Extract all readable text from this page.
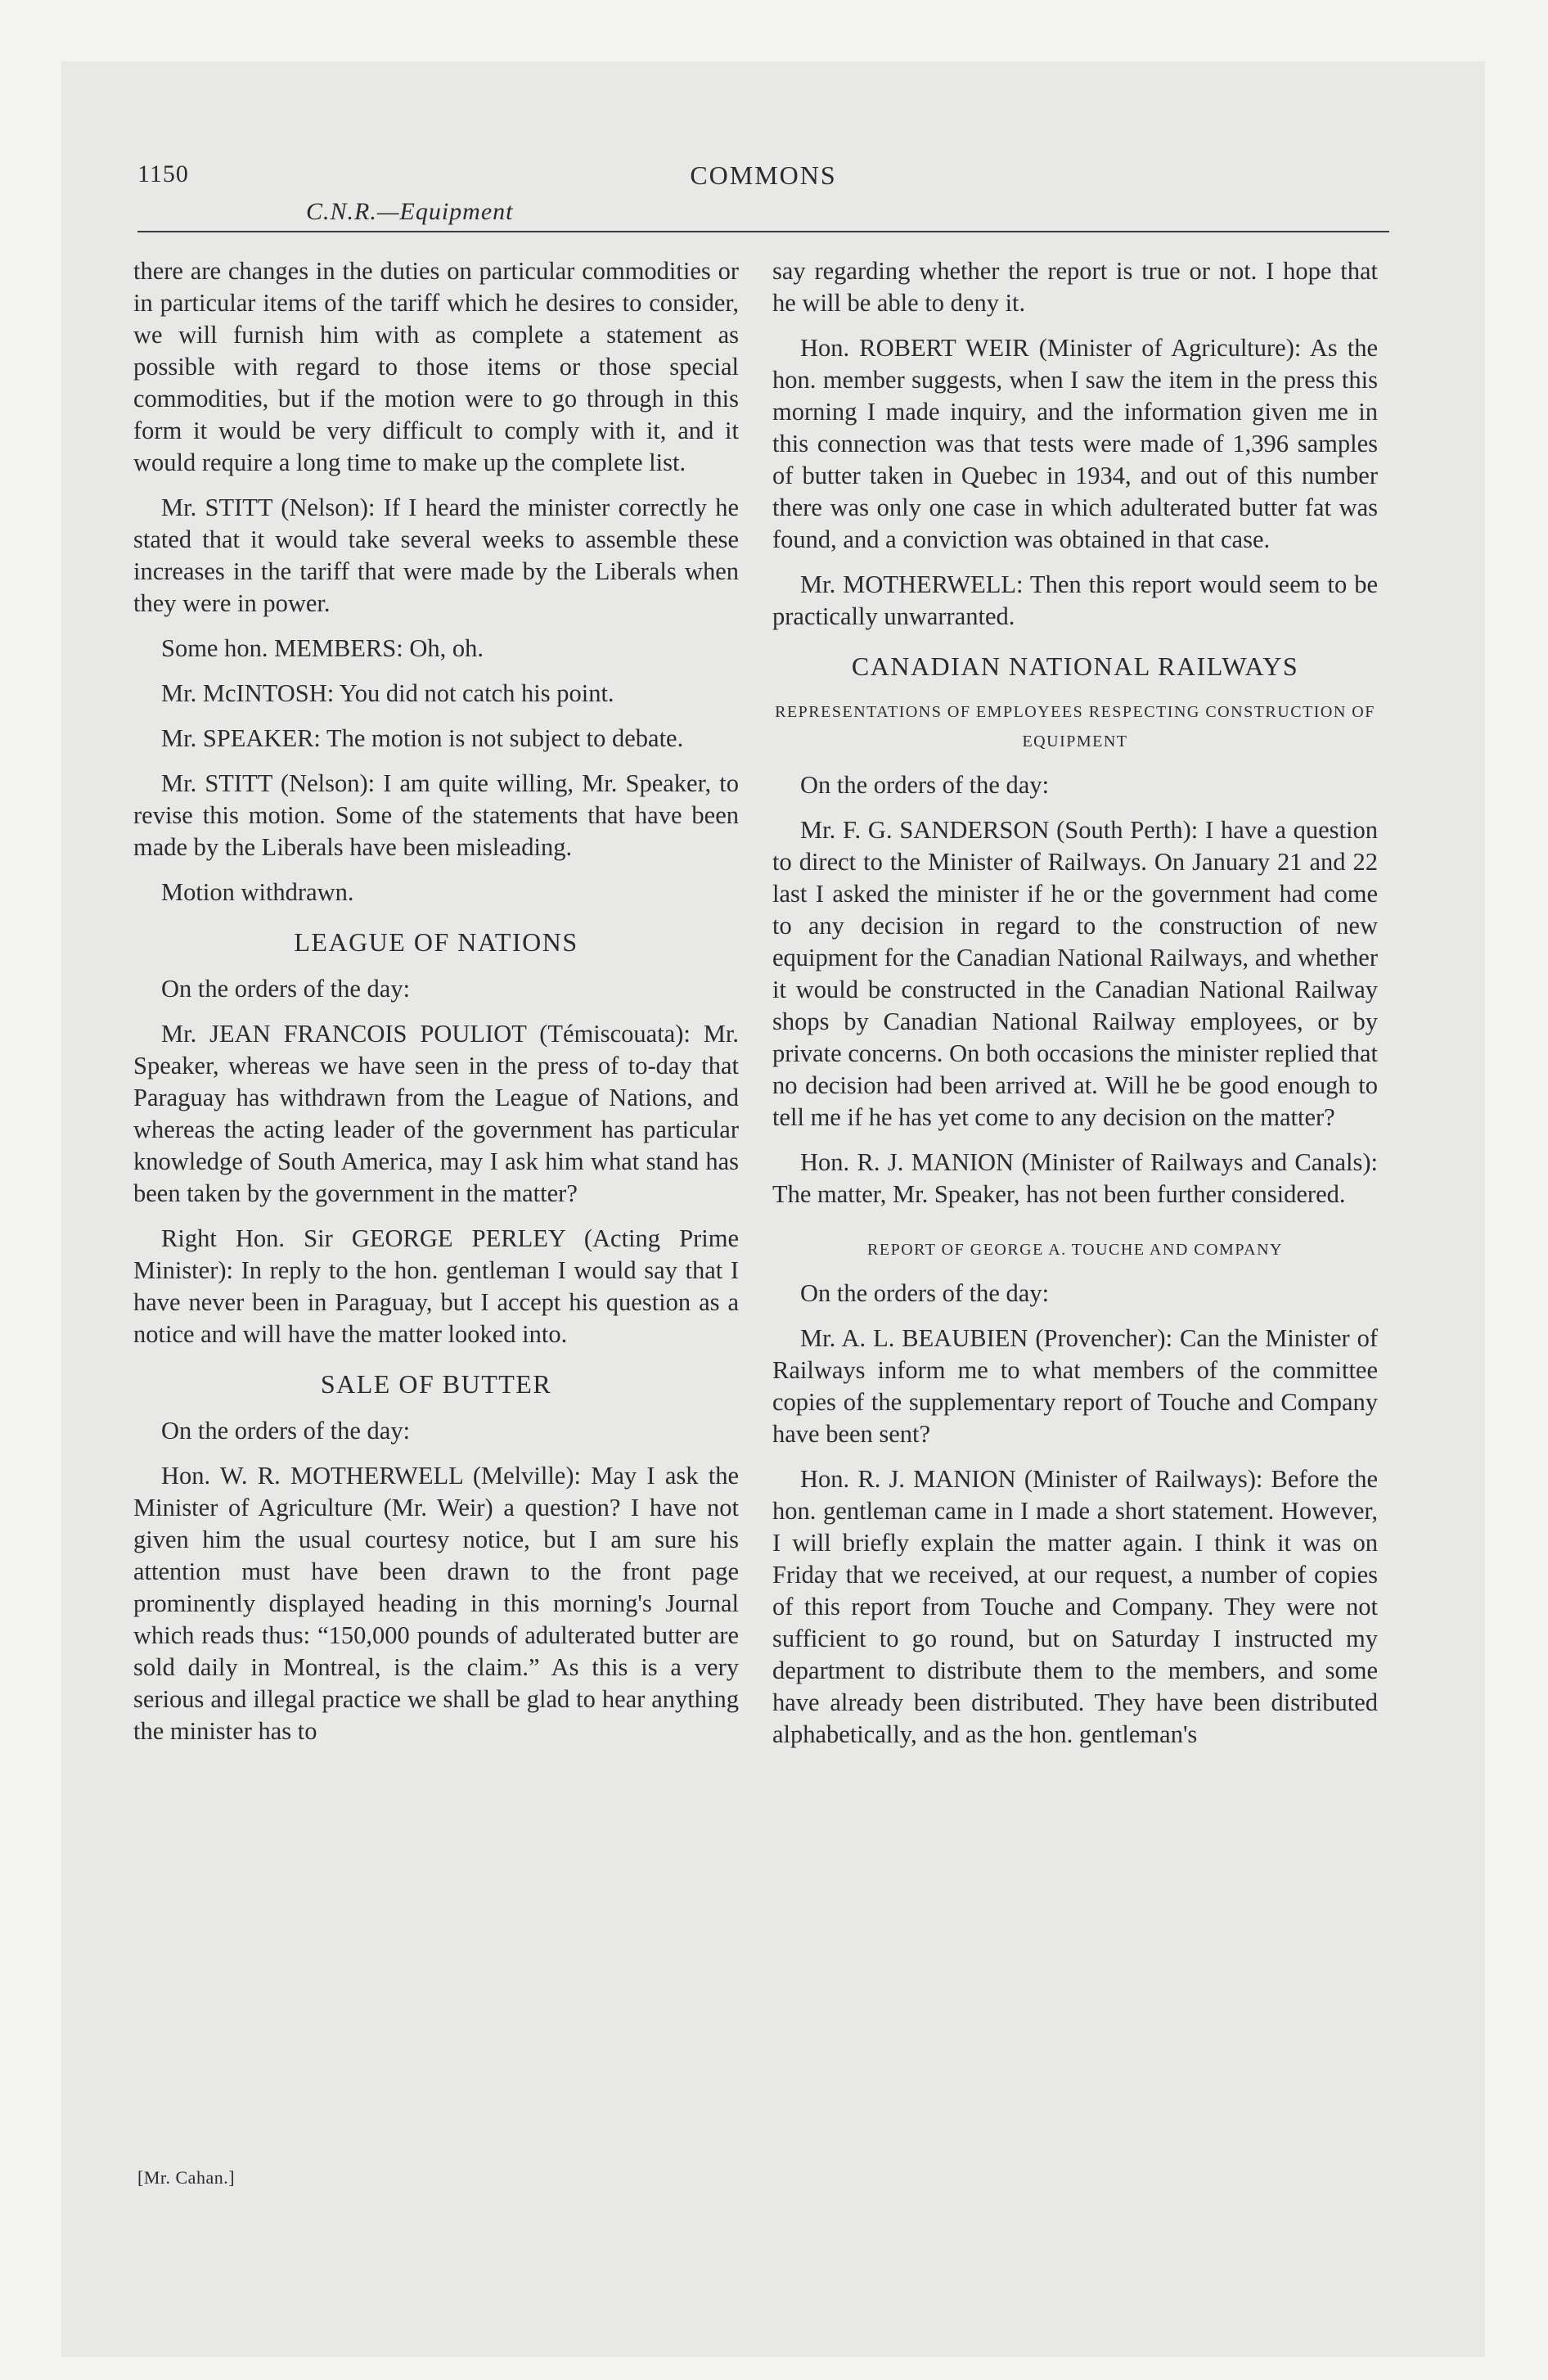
1150	COMMONS
C.N.R.—Equipment

there are changes in the duties on particular commodities or in particular items of the tariff which he desires to consider, we will furnish him with as complete a statement as possible with regard to those items or those special commodities, but if the motion were to go through in this form it would be very difficult to comply with it, and it would require a long time to make up the complete list.

Mr. STITT (Nelson): If I heard the minister correctly he stated that it would take several weeks to assemble these increases in the tariff that were made by the Liberals when they were in power.

Some hon. MEMBERS: Oh, oh.

Mr. McINTOSH: You did not catch his point.

Mr. SPEAKER: The motion is not subject to debate.

Mr. STITT (Nelson): I am quite willing, Mr. Speaker, to revise this motion. Some of the statements that have been made by the Liberals have been misleading.

Motion withdrawn.

LEAGUE OF NATIONS

On the orders of the day:

Mr. JEAN FRANCOIS POULIOT (Témiscouata): Mr. Speaker, whereas we have seen in the press of to-day that Paraguay has withdrawn from the League of Nations, and whereas the acting leader of the government has particular knowledge of South America, may I ask him what stand has been taken by the government in the matter?

Right Hon. Sir GEORGE PERLEY (Acting Prime Minister): In reply to the hon. gentleman I would say that I have never been in Paraguay, but I accept his question as a notice and will have the matter looked into.

SALE OF BUTTER

On the orders of the day:

Hon. W. R. MOTHERWELL (Melville): May I ask the Minister of Agriculture (Mr. Weir) a question? I have not given him the usual courtesy notice, but I am sure his attention must have been drawn to the front page prominently displayed heading in this morning's Journal which reads thus: “150,000 pounds of adulterated butter are sold daily in Montreal, is the claim.” As this is a very serious and illegal practice we shall be glad to hear anything the minister has to

say regarding whether the report is true or not. I hope that he will be able to deny it.

Hon. ROBERT WEIR (Minister of Agriculture): As the hon. member suggests, when I saw the item in the press this morning I made inquiry, and the information given me in this connection was that tests were made of 1,396 samples of butter taken in Quebec in 1934, and out of this number there was only one case in which adulterated butter fat was found, and a conviction was obtained in that case.

Mr. MOTHERWELL: Then this report would seem to be practically unwarranted.

CANADIAN NATIONAL RAILWAYS
REPRESENTATIONS OF EMPLOYEES RESPECTING CONSTRUCTION OF EQUIPMENT

On the orders of the day:

Mr. F. G. SANDERSON (South Perth): I have a question to direct to the Minister of Railways. On January 21 and 22 last I asked the minister if he or the government had come to any decision in regard to the construction of new equipment for the Canadian National Railways, and whether it would be constructed in the Canadian National Railway shops by Canadian National Railway employees, or by private concerns. On both occasions the minister replied that no decision had been arrived at. Will he be good enough to tell me if he has yet come to any decision on the matter?

Hon. R. J. MANION (Minister of Railways and Canals): The matter, Mr. Speaker, has not been further considered.

REPORT OF GEORGE A. TOUCHE AND COMPANY

On the orders of the day:

Mr. A. L. BEAUBIEN (Provencher): Can the Minister of Railways inform me to what members of the committee copies of the supplementary report of Touche and Company have been sent?

Hon. R. J. MANION (Minister of Railways): Before the hon. gentleman came in I made a short statement. However, I will briefly explain the matter again. I think it was on Friday that we received, at our request, a number of copies of this report from Touche and Company. They were not sufficient to go round, but on Saturday I instructed my department to distribute them to the members, and some have already been distributed. They have been distributed alphabetically, and as the hon. gentleman's

[Mr. Cahan.]
